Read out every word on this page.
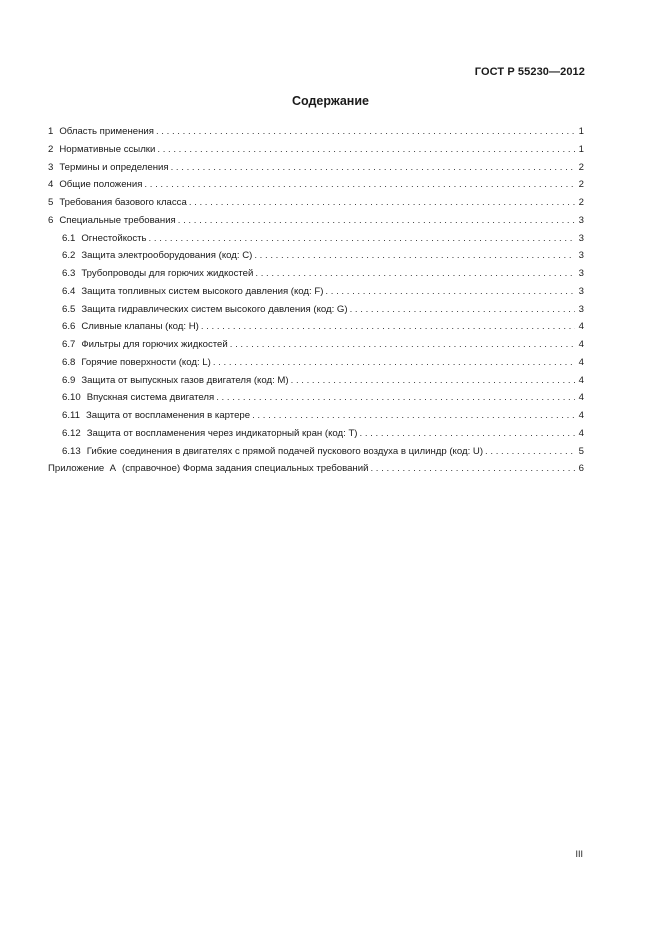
ГОСТ Р 55230—2012
Содержание
1 Область применения . . .	1
2 Нормативные ссылки . . .	1
3 Термины и определения . . .	2
4 Общие положения . . .	2
5 Требования базового класса . . .	2
6 Специальные требования . . .	3
6.1 Огнестойкость . . .	3
6.2 Защита электрооборудования (код: C) . . .	3
6.3 Трубопроводы для горючих жидкостей . . .	3
6.4 Защита топливных систем высокого давления (код: F) . . .	3
6.5 Защита гидравлических систем высокого давления (код: G) . . .	3
6.6 Сливные клапаны (код: H) . . .	4
6.7 Фильтры для горючих жидкостей . . .	4
6.8 Горячие поверхности (код: L) . . .	4
6.9 Защита от выпускных газов двигателя (код: M) . . .	4
6.10 Впускная система двигателя . . .	4
6.11 Защита от воспламенения в картере . . .	4
6.12 Защита от воспламенения через индикаторный кран (код: T) . . .	4
6.13 Гибкие соединения в двигателях с прямой подачей пускового воздуха в цилиндр (код: U) . . .	5
Приложение  А (справочное) Форма задания специальных требований . . .	6
III
